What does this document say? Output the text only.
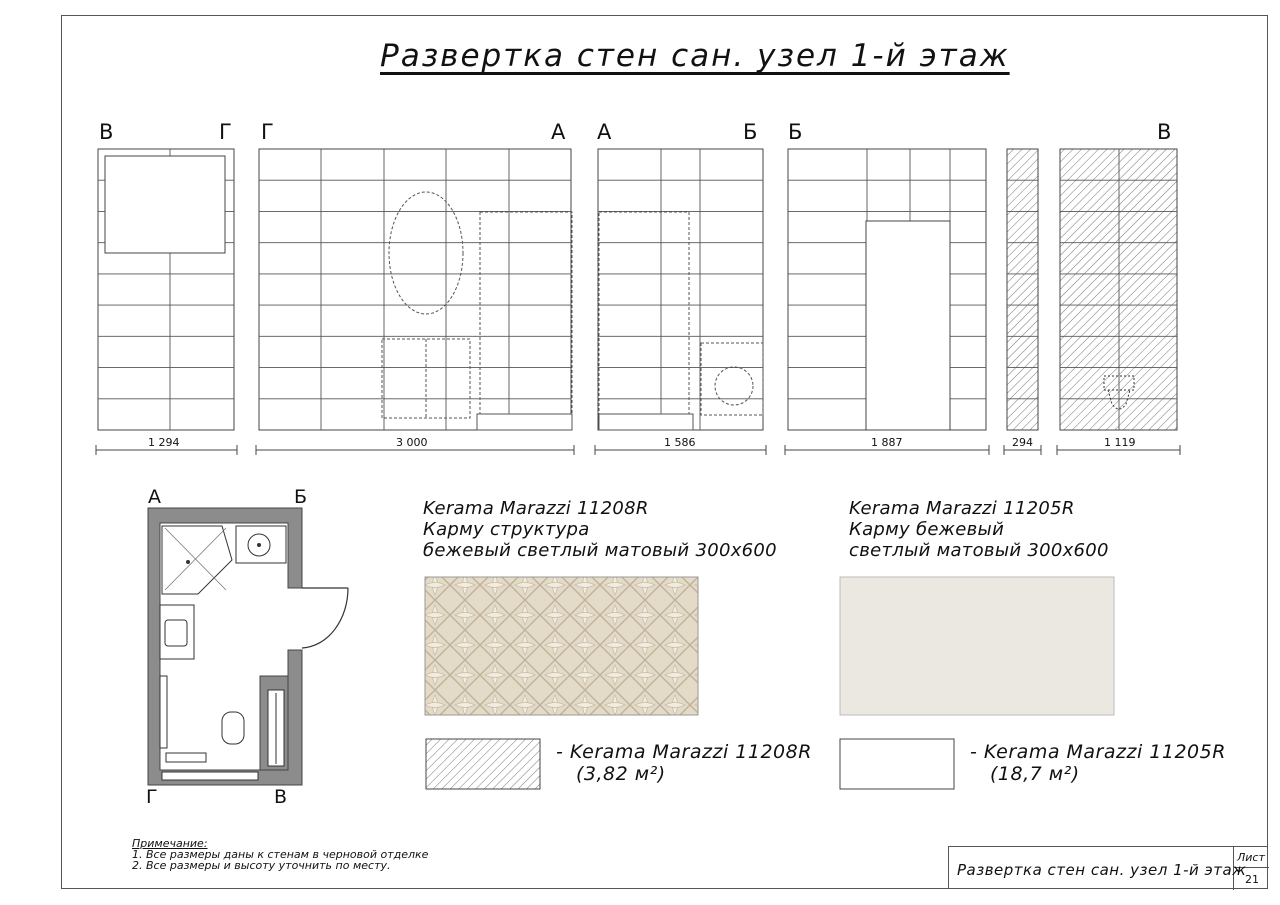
Развертка стен сан. узел 1-й этаж
В	Г Г	А А	Б Б	В
1 294	3 000	1 586	1 887	294	1 119
А	Б
Г	В
Kerama Marazzi 11208R
Карму структура
бежевый светлый матовый 300x600
Kerama Marazzi 11205R
Карму бежевый
светлый матовый 300x600
- Kerama Marazzi 11208R
(3,82 м²)
- Kerama Marazzi 11205R
(18,7 м²)
Примечание:
1. Все размеры даны к стенам в черновой отделке
2. Все размеры и высоту уточнить по месту.	Развертка стен сан. узел 1-й этаж
Лист
21
